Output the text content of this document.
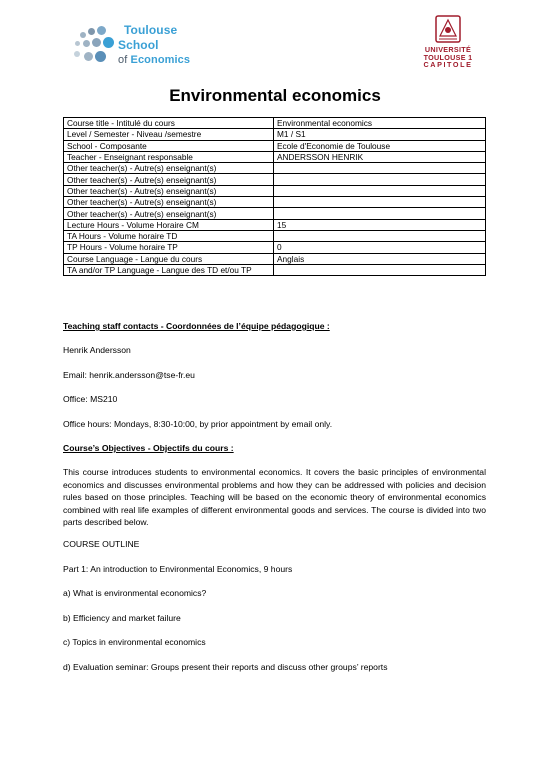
Toulouse
School
of Economics
UNIVERSITÉ
TOULOUSE 1
CAPITOLE
Environmental economics
Course title - Intitulé du cours	Environmental economics
Level / Semester - Niveau /semestre	M1 / S1
School - Composante	Ecole d'Economie de Toulouse
Teacher - Enseignant responsable	ANDERSSON HENRIK
Other teacher(s) - Autre(s) enseignant(s)	
Other teacher(s) - Autre(s) enseignant(s)	
Other teacher(s) - Autre(s) enseignant(s)	
Other teacher(s) - Autre(s) enseignant(s)	
Other teacher(s) - Autre(s) enseignant(s)	
Lecture Hours - Volume Horaire CM	15
TA Hours - Volume horaire TD	
TP Hours - Volume horaire TP	0
Course Language - Langue du cours	Anglais
TA and/or TP Language - Langue des TD et/ou TP	
Teaching staff contacts - Coordonnées de l’équipe pédagogique :
Henrik Andersson
Email: henrik.andersson@tse-fr.eu
Office: MS210
Office hours: Mondays, 8:30-10:00, by prior appointment by email only.
Course’s Objectives - Objectifs du cours :
This course introduces students to environmental economics. It covers the basic principles of environmental economics and discusses environmental problems and how they can be addressed with policies and decision rules based on those principles. Teaching will be based on the economic theory of environmental economics combined with real life examples of different environmental goods and services. The course is divided into two parts described below.
COURSE OUTLINE
Part 1: An introduction to Environmental Economics, 9 hours
a) What is environmental economics?
b) Efficiency and market failure
c) Topics in environmental economics
d) Evaluation seminar: Groups present their reports and discuss other groups’ reports
